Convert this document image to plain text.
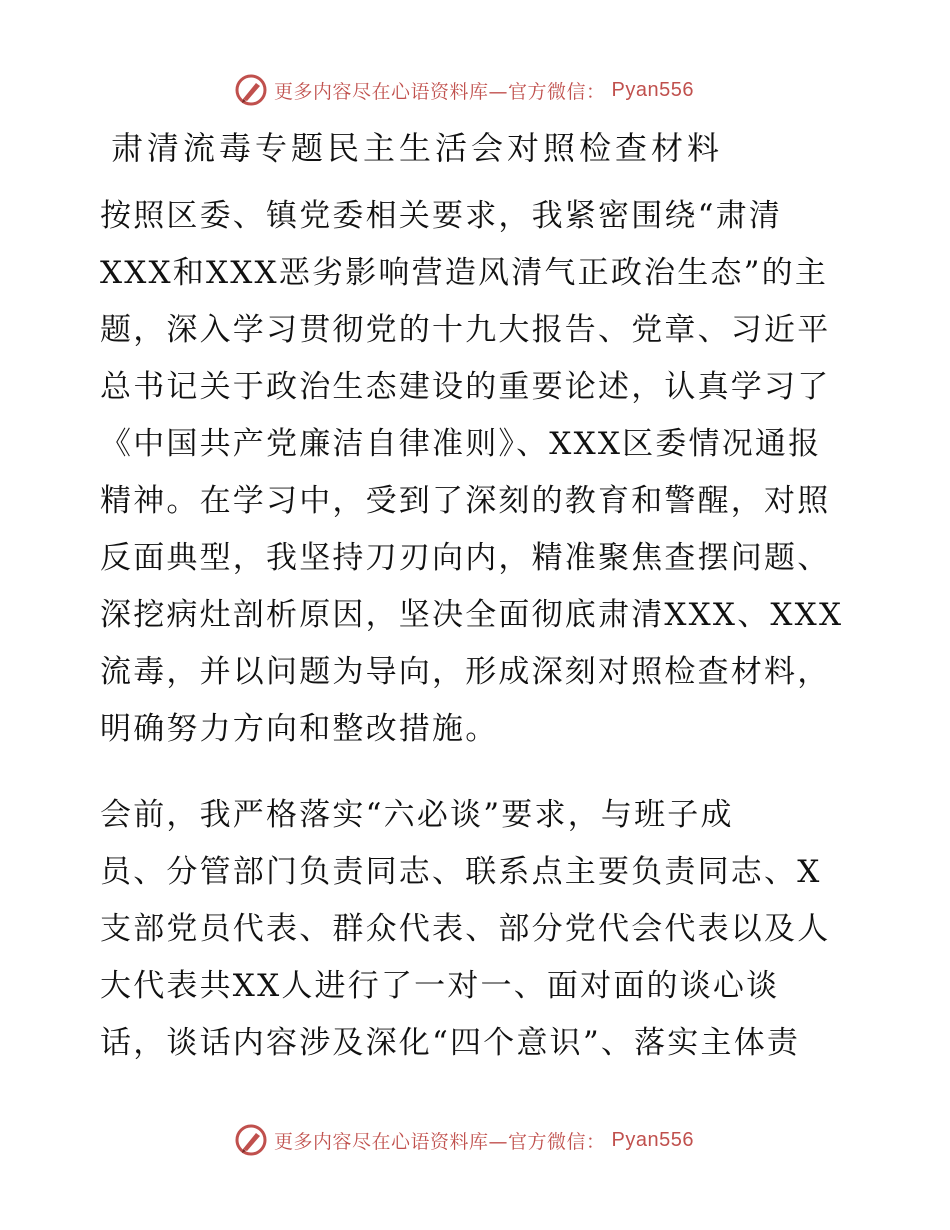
更多内容尽在心语资料库—官方微信： Pyan556
肃清流毒专题民主生活会对照检查材料
按照区委、镇党委相关要求，我紧密围绕“肃清
XXX和XXX恶劣影响营造风清气正政治生态”的主
题，深入学习贯彻党的十九大报告、党章、习近平
总书记关于政治生态建设的重要论述，认真学习了
《中国共产党廉洁自律准则》、XXX区委情况通报
精神。在学习中，受到了深刻的教育和警醒，对照
反面典型，我坚持刀刃向内，精准聚焦查摆问题、
深挖病灶剖析原因，坚决全面彻底肃清XXX、XXX
流毒，并以问题为导向，形成深刻对照检查材料，
明确努力方向和整改措施。
会前，我严格落实“六必谈”要求，与班子成
员、分管部门负责同志、联系点主要负责同志、X
支部党员代表、群众代表、部分党代会代表以及人
大代表共XX人进行了一对一、面对面的谈心谈
话，谈话内容涉及深化“四个意识”、落实主体责
更多内容尽在心语资料库—官方微信： Pyan556
